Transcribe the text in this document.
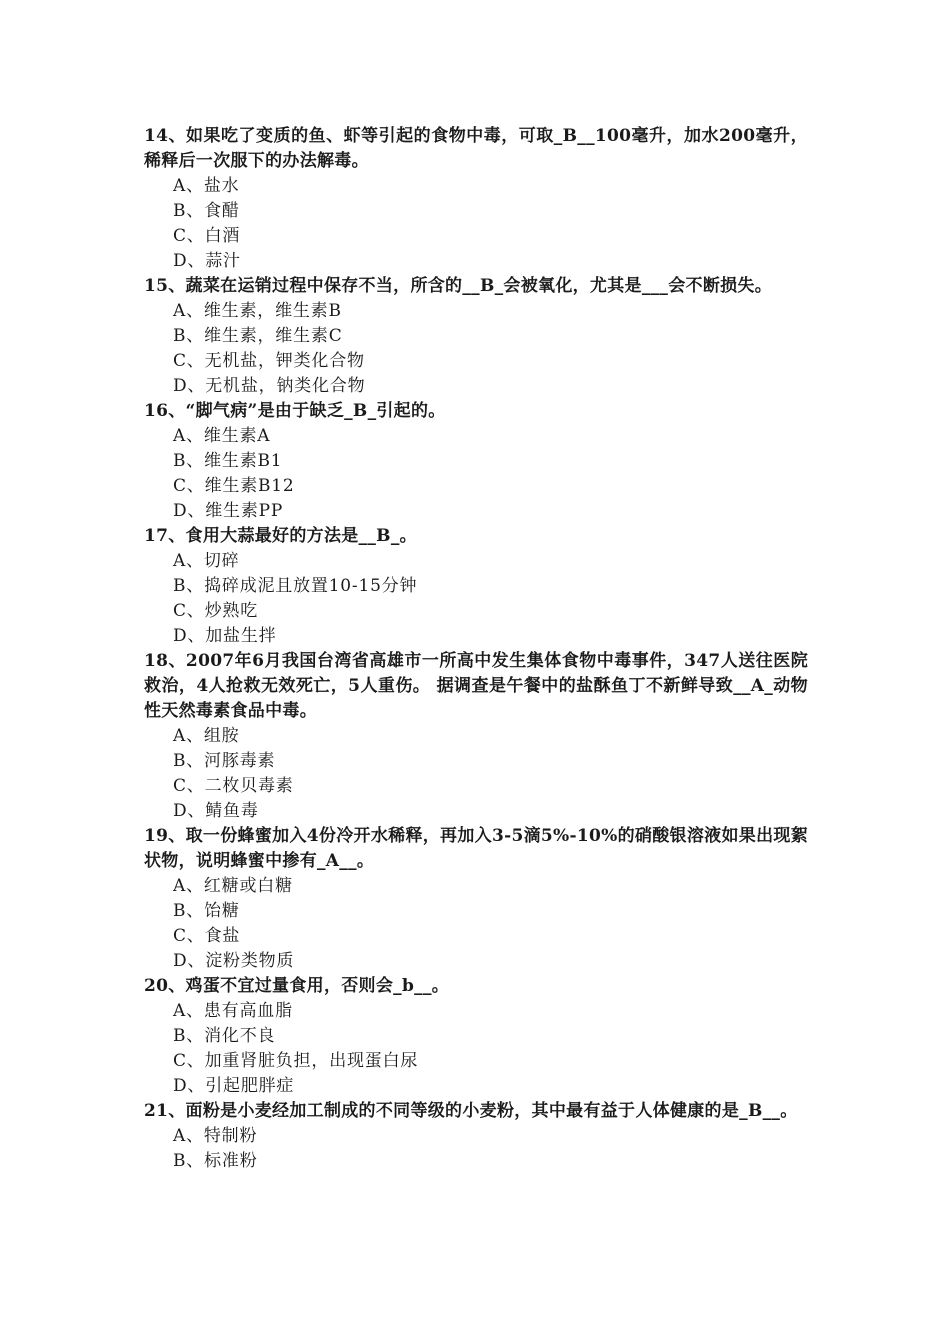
14、如果吃了变质的鱼、虾等引起的食物中毒，可取_B__100毫升，加水200毫升，稀释后一次服下的办法解毒。

A、盐水

B、食醋

C、白酒

D、蒜汁

15、蔬菜在运销过程中保存不当，所含的__B_会被氧化，尤其是___会不断损失。

A、维生素，维生素B

B、维生素，维生素C

C、无机盐，钾类化合物

D、无机盐，钠类化合物

16、“脚气病”是由于缺乏_B_引起的。

A、维生素A

B、维生素B1

C、维生素B12

D、维生素PP

17、食用大蒜最好的方法是__B_。

A、切碎

B、捣碎成泥且放置10-15分钟

C、炒熟吃

D、加盐生拌

18、2007年6月我国台湾省高雄市一所高中发生集体食物中毒事件，347人送往医院救治，4人抢救无效死亡，5人重伤。 据调查是午餐中的盐酥鱼丁不新鲜导致__A_动物性天然毒素食品中毒。

A、组胺

B、河豚毒素

C、二枚贝毒素

D、鲭鱼毒

19、取一份蜂蜜加入4份冷开水稀释，再加入3-5滴5%-10%的硝酸银溶液如果出现絮状物，说明蜂蜜中掺有_A__。

A、红糖或白糖

B、饴糖

C、食盐

D、淀粉类物质

20、鸡蛋不宜过量食用，否则会_b__。

A、患有高血脂

B、消化不良

C、加重肾脏负担，出现蛋白尿

D、引起肥胖症

21、面粉是小麦经加工制成的不同等级的小麦粉，其中最有益于人体健康的是_B__。

A、特制粉

B、标准粉
